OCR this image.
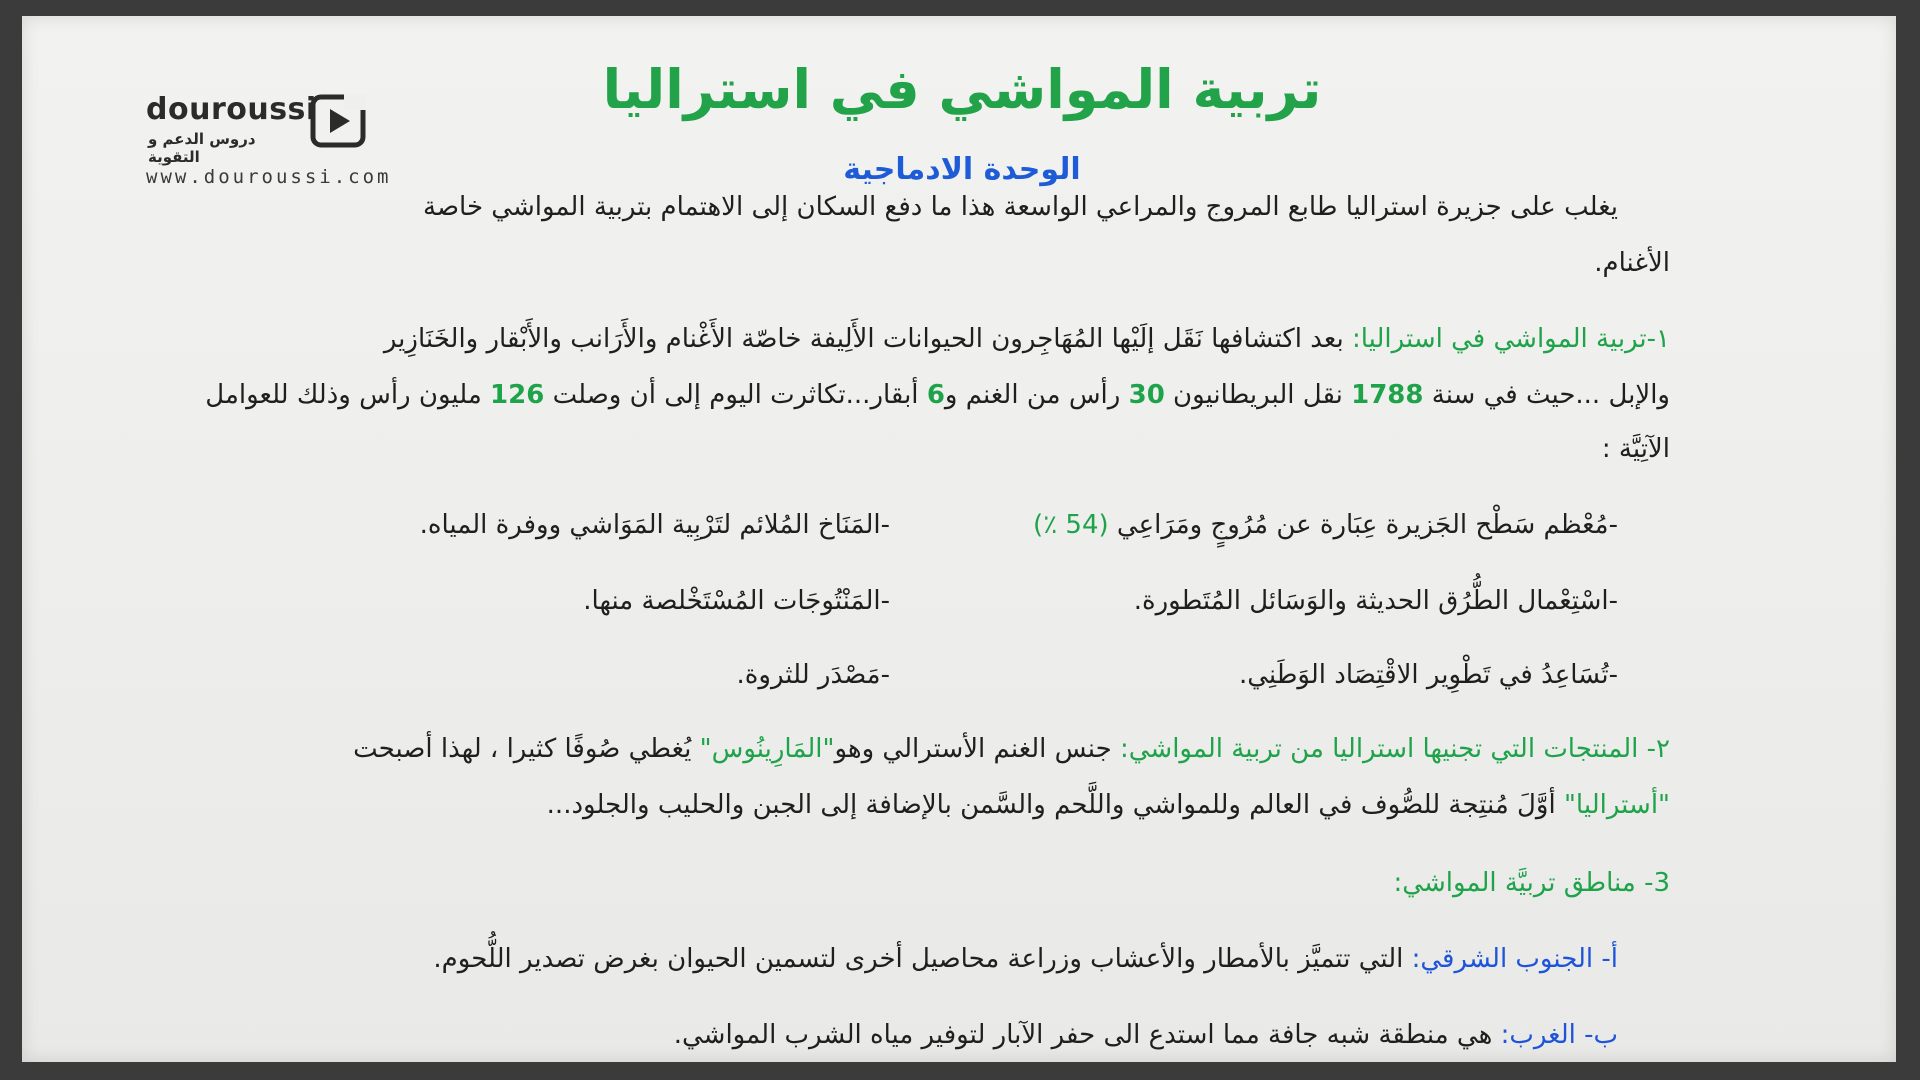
douroussi
دروس الدعم و التقوية
www.douroussi.com
تربية المواشي في استراليا
الوحدة الادماجية
يغلب على جزيرة استراليا طابع المروج والمراعي الواسعة هذا ما دفع السكان إلى الاهتمام بتربية المواشي خاصة
الأغنام.
١-تربية المواشي في استراليا: بعد اكتشافها نَقَل إلَيْها المُهَاجِرون الحيوانات الأَلِيفة خاصّة الأَغْنام والأَرَانب والأَبْقار والخَنَازِير
والإبل ...حيث في سنة 1788 نقل البريطانيون 30 رأس من الغنم و6 أبقار...تكاثرت اليوم إلى أن وصلت 126 مليون رأس وذلك للعوامل
الآتِيَّة :
-مُعْظم سَطْح الجَزيرة عِبَارة عن مُرُوجٍ ومَرَاعِي (54 ٪)
-المَنَاخ المُلائم لتَرْبِية المَوَاشي ووفرة المياه.
-اسْتِعْمال الطُّرُق الحديثة والوَسَائل المُتَطورة.
-المَنْتُوجَات المُسْتَخْلصة منها.
-تُسَاعِدُ في تَطْوِير الاقْتِصَاد الوَطَنِي.
-مَصْدَر للثروة.
٢- المنتجات التي تجنيها استراليا من تربية المواشي: جنس الغنم الأسترالي وهو"المَارِينُوس" يُغطي صُوفًا كثيرا ، لهذا أصبحت
"أستراليا" أوَّلَ مُنتِجة للصُّوف في العالم وللمواشي واللَّحم والسَّمن بالإضافة إلى الجبن والحليب والجلود...
3- مناطق تربيَّة المواشي:
أ- الجنوب الشرقي: التي تتميَّز بالأمطار والأعشاب وزراعة محاصيل أخرى لتسمين الحيوان بغرض تصدير اللُّحوم.
ب- الغرب: هي منطقة شبه جافة مما استدع الى حفر الآبار لتوفير مياه الشرب المواشي.
